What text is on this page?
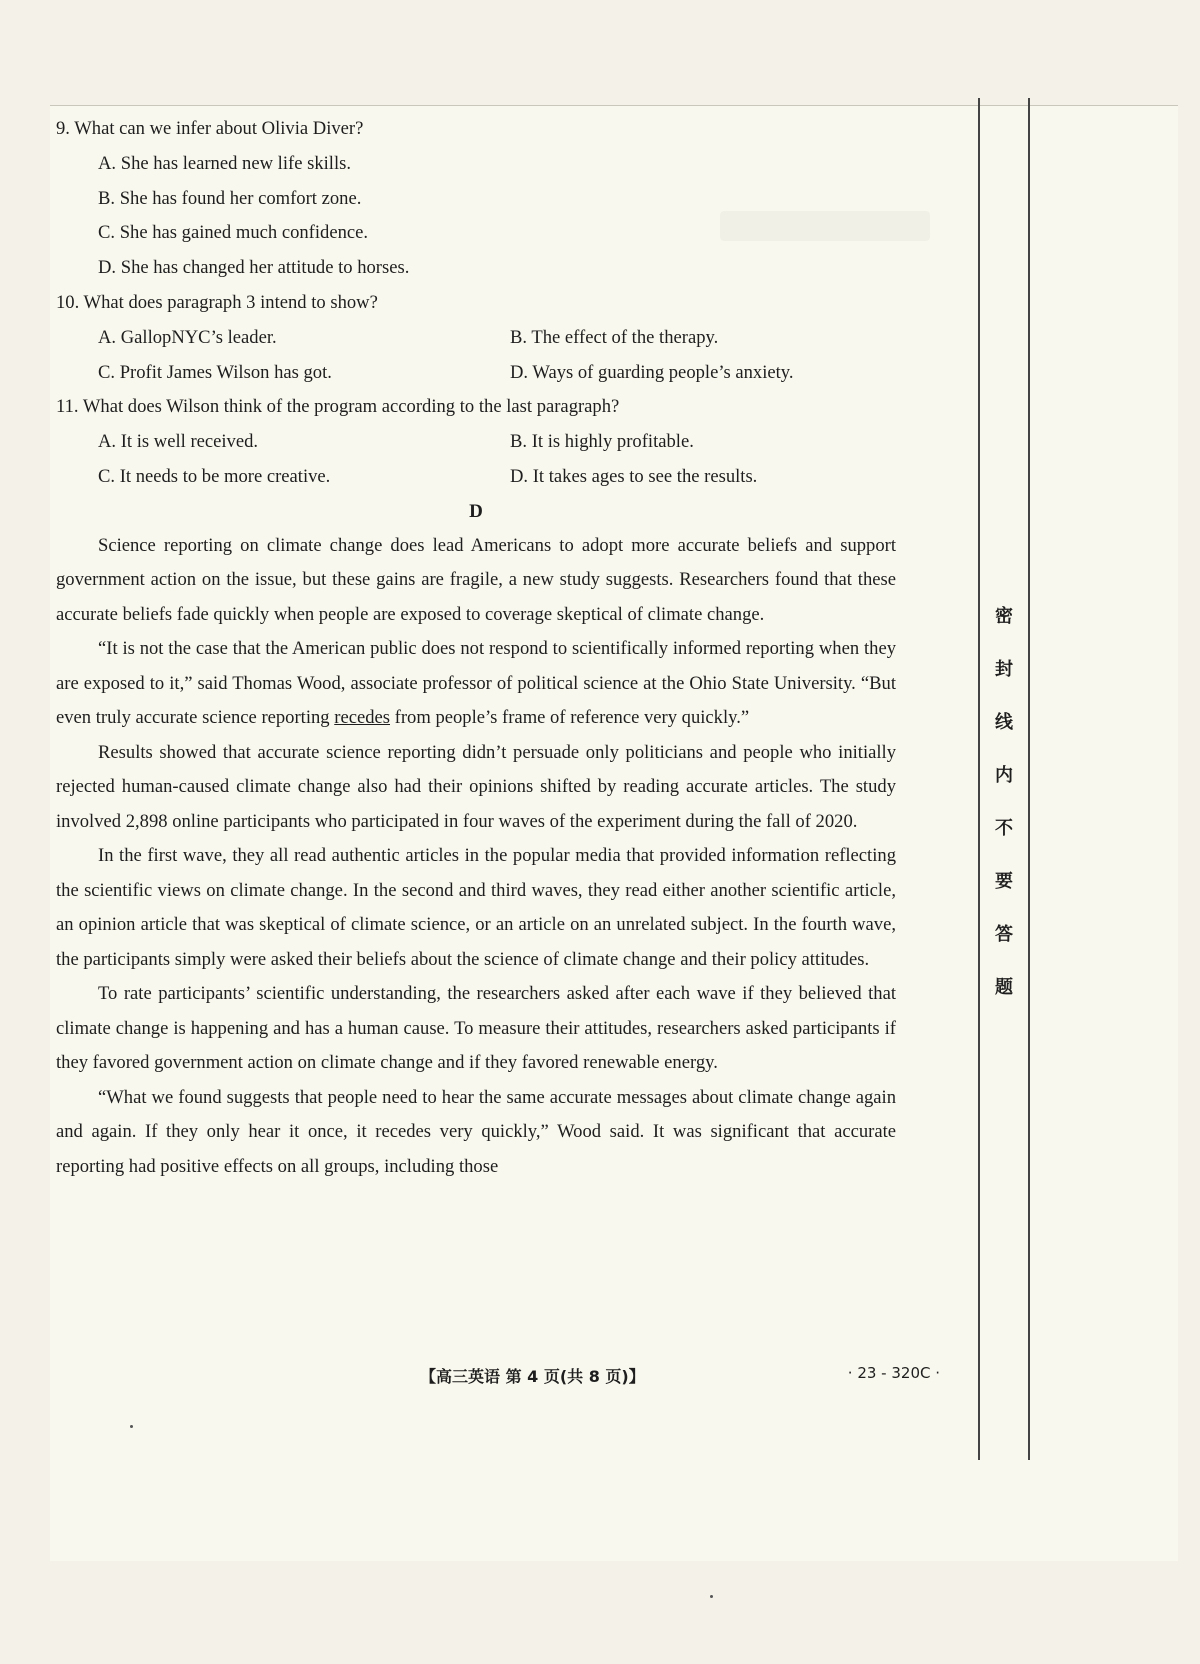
9. What can we infer about Olivia Diver?

A. She has learned new life skills.
B. She has found her comfort zone.
C. She has gained much confidence.
D. She has changed her attitude to horses.

10. What does paragraph 3 intend to show?

A. GallopNYC’s leader.	B. The effect of the therapy.
C. Profit James Wilson has got.	D. Ways of guarding people’s anxiety.

11. What does Wilson think of the program according to the last paragraph?

A. It is well received.	B. It is highly profitable.
C. It needs to be more creative.	D. It takes ages to see the results.

D

Science reporting on climate change does lead Americans to adopt more accurate beliefs and support government action on the issue, but these gains are fragile, a new study suggests. Researchers found that these accurate beliefs fade quickly when people are exposed to coverage skeptical of climate change.

“It is not the case that the American public does not respond to scientifically informed reporting when they are exposed to it,” said Thomas Wood, associate professor of political science at the Ohio State University. “But even truly accurate science reporting recedes from people’s frame of reference very quickly.”

Results showed that accurate science reporting didn’t persuade only politicians and people who initially rejected human-caused climate change also had their opinions shifted by reading accurate articles. The study involved 2,898 online participants who participated in four waves of the experiment during the fall of 2020.

In the first wave, they all read authentic articles in the popular media that provided information reflecting the scientific views on climate change. In the second and third waves, they read either another scientific article, an opinion article that was skeptical of climate science, or an article on an unrelated subject. In the fourth wave, the participants simply were asked their beliefs about the science of climate change and their policy attitudes.

To rate participants’ scientific understanding, the researchers asked after each wave if they believed that climate change is happening and has a human cause. To measure their attitudes, researchers asked participants if they favored government action on climate change and if they favored renewable energy.

“What we found suggests that people need to hear the same accurate messages about climate change again and again. If they only hear it once, it recedes very quickly,” Wood said. It was significant that accurate reporting had positive effects on all groups, including those

【高三英语 第 4 页(共 8 页)】	· 23 - 320C ·
密
封
线
内
不
要
答
题
